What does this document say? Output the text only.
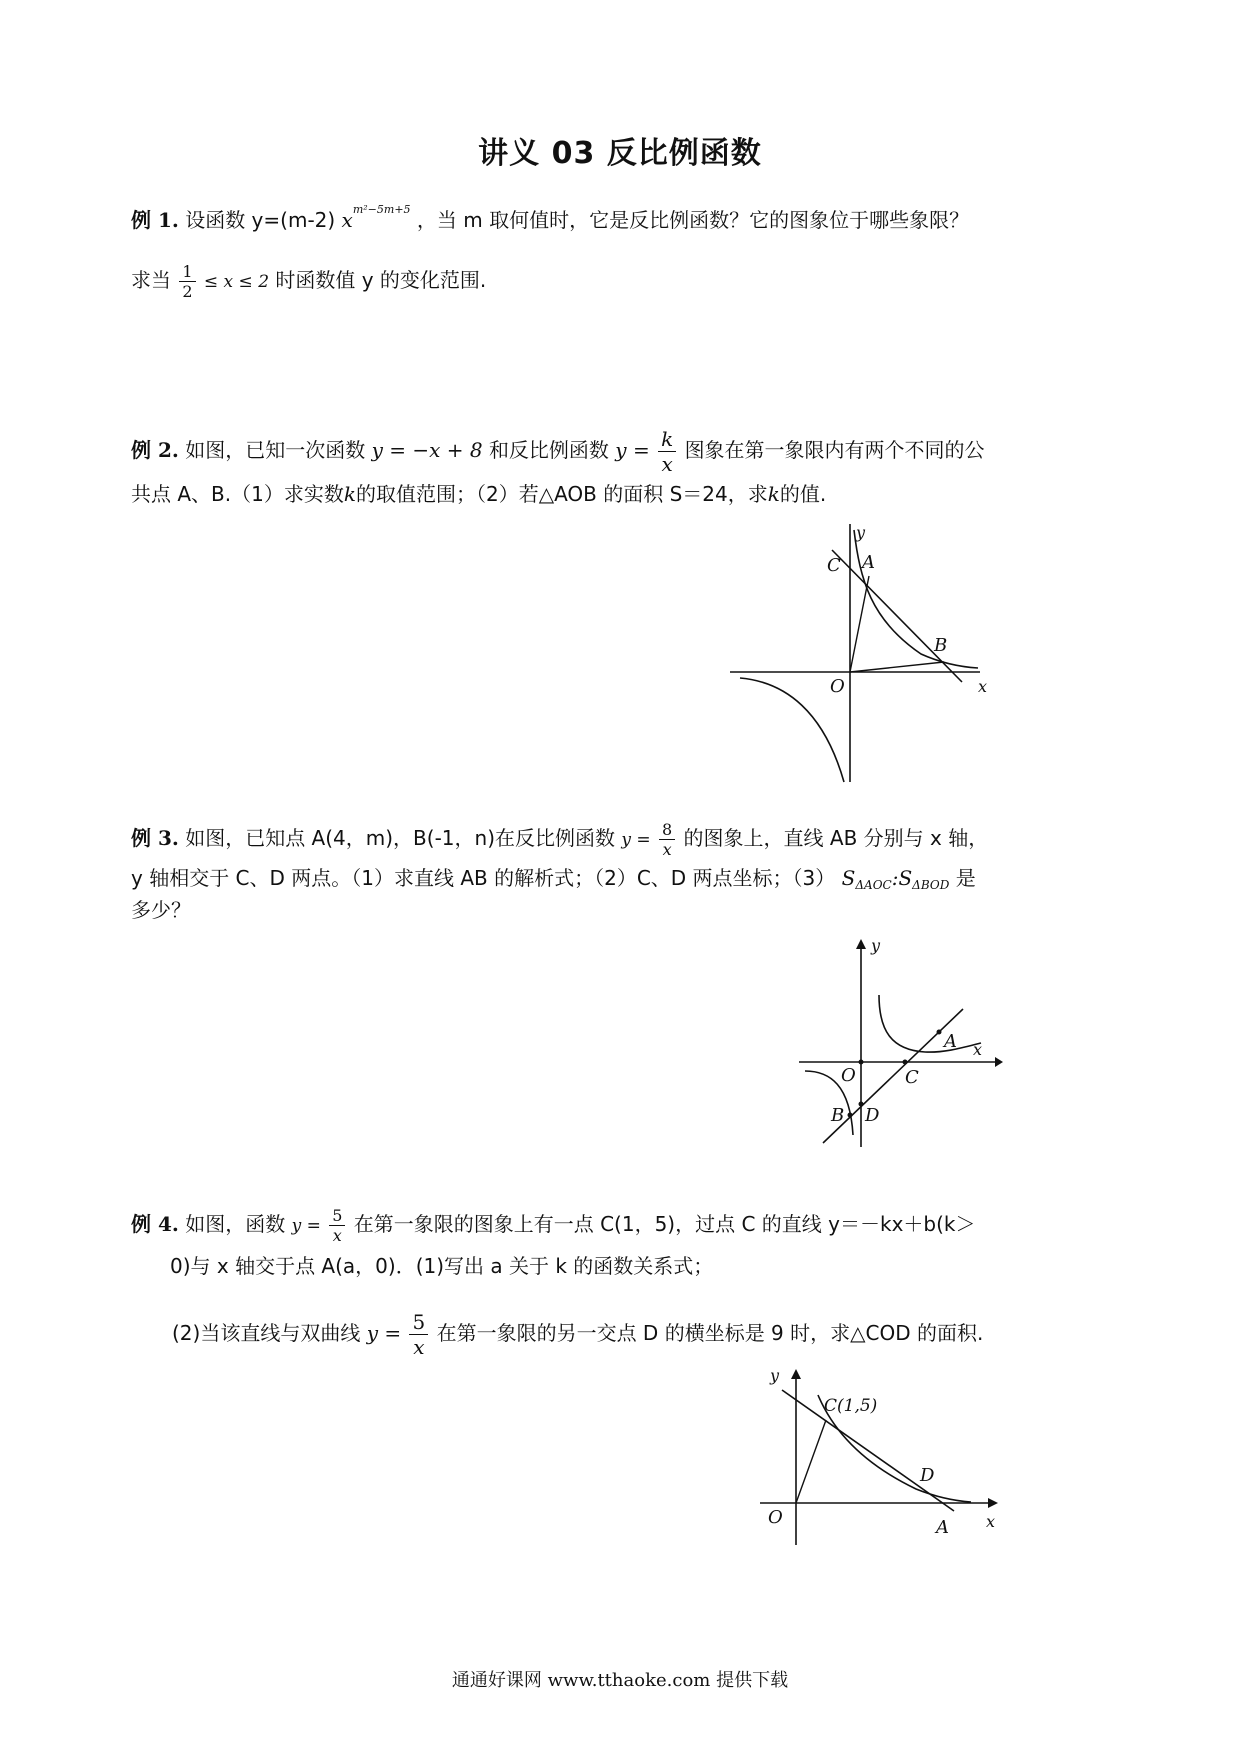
讲义 03 反比例函数
例 1. 设函数 y=(m-2) $x^{m^2-5m+5}$ ，当 m 取何值时，它是反比例函数？它的图象位于哪些象限？
求当 $\frac{1}{2} \le x \le 2$ 时函数值 y 的变化范围.
例 2. 如图，已知一次函数 y = −x + 8 和反比例函数 $y = \frac{k}{x}$ 图象在第一象限内有两个不同的公
共点 A、B.（1）求实数k的取值范围；（2）若△AOB 的面积 S＝24，求k的值.
C A
B
O	x
y
例 3. 如图，已知点 A(4，m)，B(-1，n)在反比例函数 $y = \frac{8}{x}$ 的图象上，直线 AB 分别与 x 轴，
y 轴相交于 C、D 两点。（1）求直线 AB 的解析式；（2）C、D 两点坐标；（3） $S_{\Delta AOC}:S_{\Delta BOD}$ 是
多少？
y
A x
O	C
B D
例 4. 如图，函数 $y = \frac{5}{x}$ 在第一象限的图象上有一点 C(1，5)，过点 C 的直线 y＝－kx＋b(k＞
0)与 x 轴交于点 A(a，0)．(1)写出 a 关于 k 的函数关系式；
(2)当该直线与双曲线 $y = \frac{5}{x}$ 在第一象限的另一交点 D 的横坐标是 9 时，求△COD 的面积.
y
C(1,5)
D
O	A x
通通好课网 www.tthaoke.com 提供下载
